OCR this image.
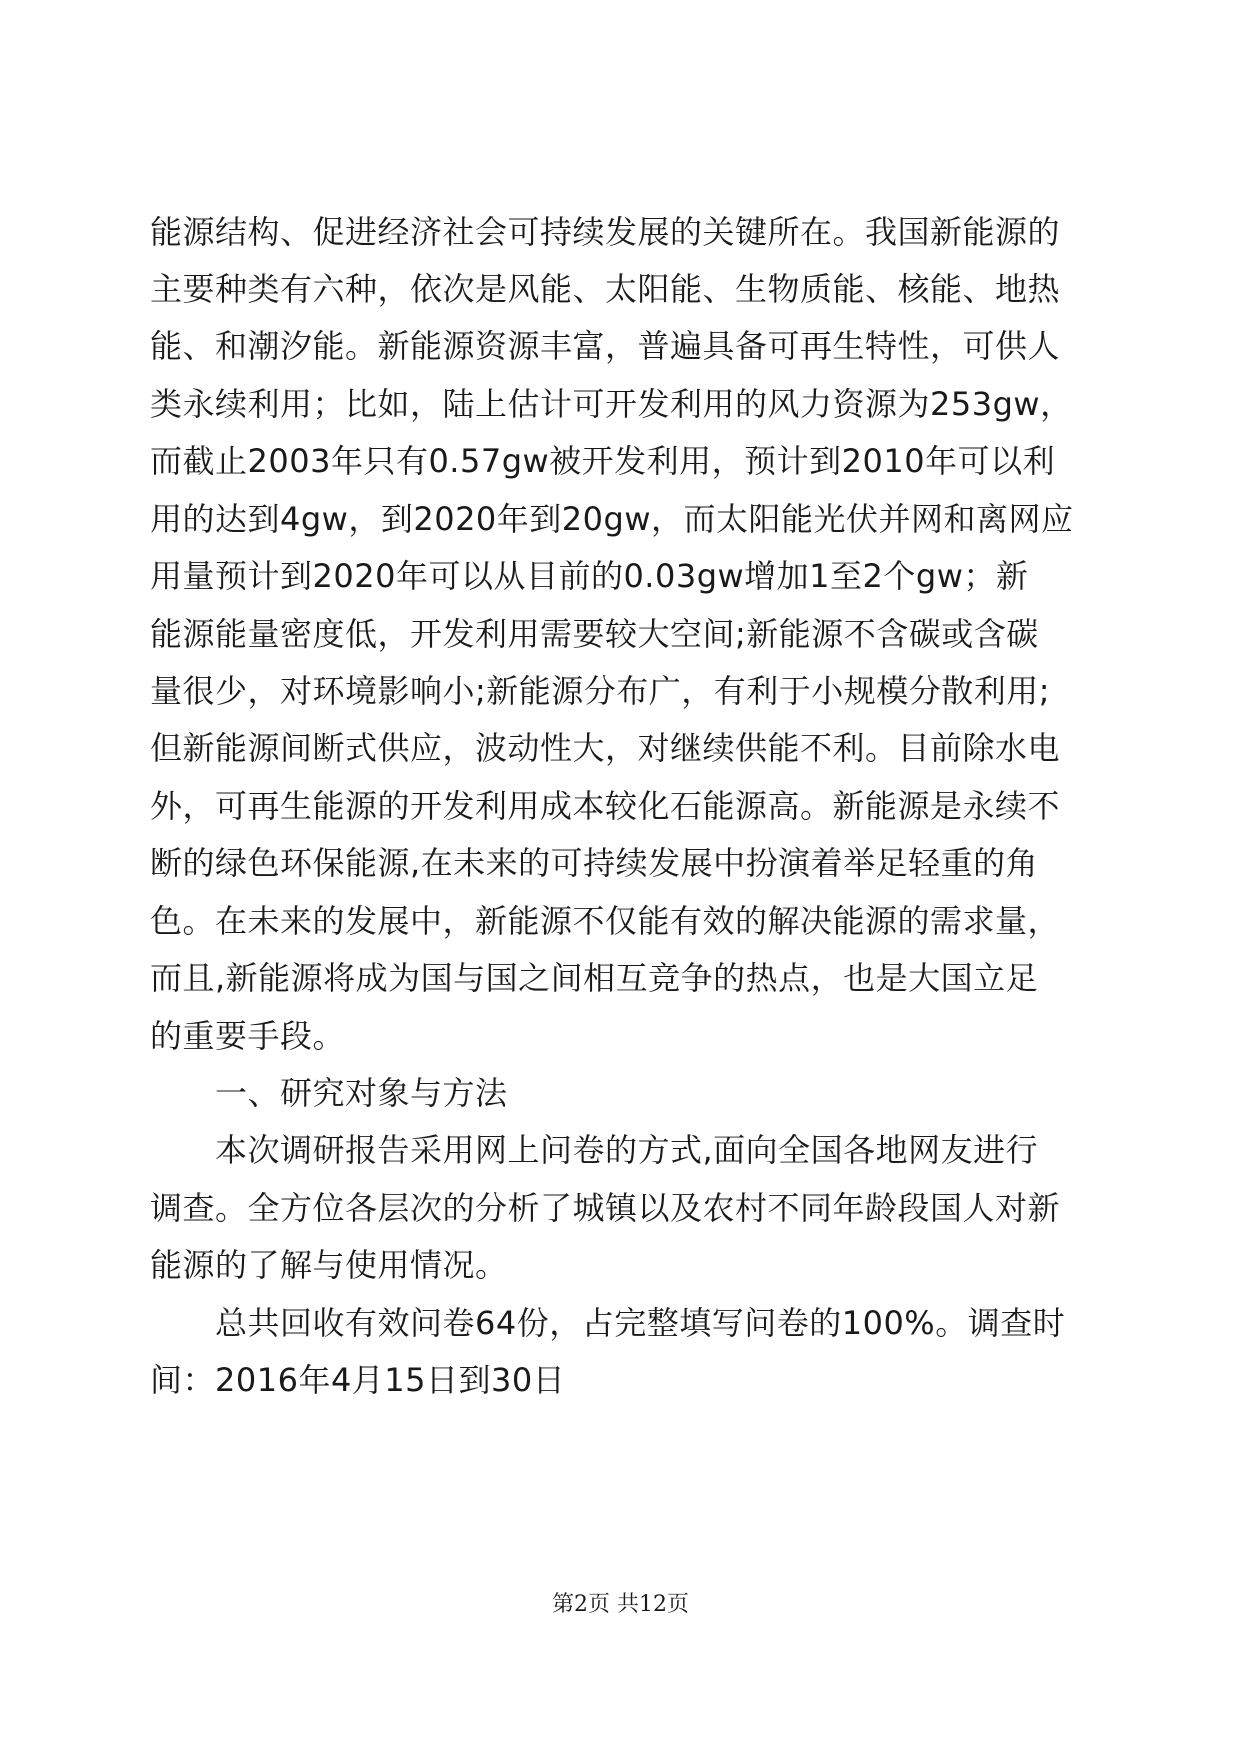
能源结构、促进经济社会可持续发展的关键所在。我国新能源的
主要种类有六种，依次是风能、太阳能、生物质能、核能、地热
能、和潮汐能。新能源资源丰富，普遍具备可再生特性，可供人
类永续利用；比如，陆上估计可开发利用的风力资源为253gw，
而截止2003年只有0.57gw被开发利用，预计到2010年可以利
用的达到4gw，到2020年到20gw，而太阳能光伏并网和离网应
用量预计到2020年可以从目前的0.03gw增加1至2个gw；新
能源能量密度低，开发利用需要较大空间;新能源不含碳或含碳
量很少，对环境影响小;新能源分布广，有利于小规模分散利用;
但新能源间断式供应，波动性大，对继续供能不利。目前除水电
外，可再生能源的开发利用成本较化石能源高。新能源是永续不
断的绿色环保能源,在未来的可持续发展中扮演着举足轻重的角
色。在未来的发展中，新能源不仅能有效的解决能源的需求量，
而且,新能源将成为国与国之间相互竞争的热点，也是大国立足
的重要手段。
一、研究对象与方法
本次调研报告采用网上问卷的方式,面向全国各地网友进行
调查。全方位各层次的分析了城镇以及农村不同年龄段国人对新
能源的了解与使用情况。
总共回收有效问卷64份，占完整填写问卷的100%。调查时
间：2016年4月15日到30日
第2页 共12页
